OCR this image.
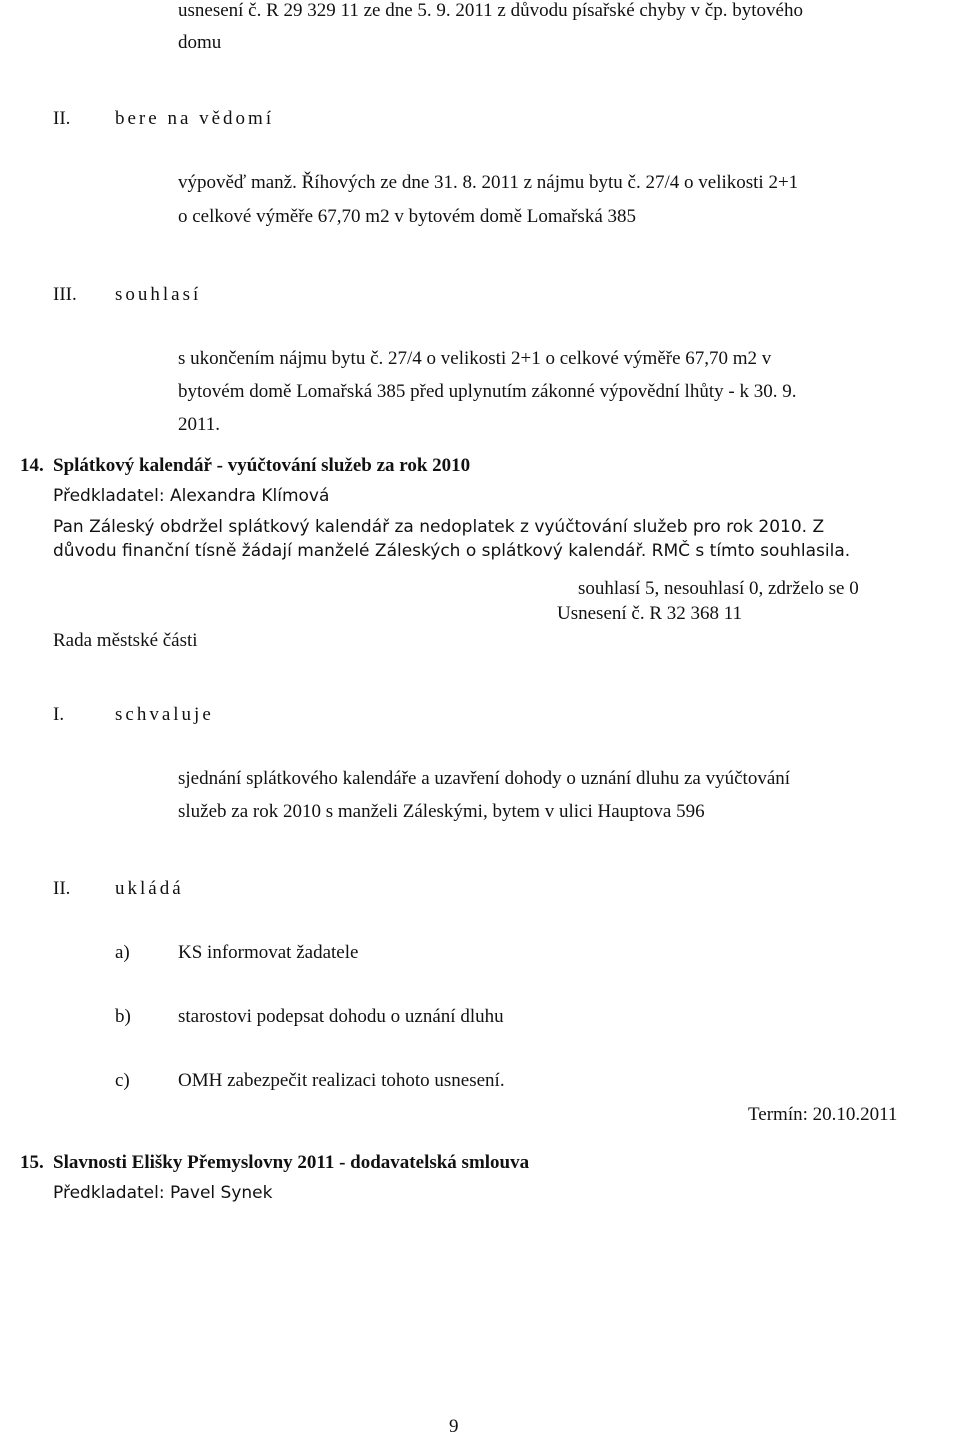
usnesení č. R 29 329 11 ze dne 5. 9. 2011 z důvodu písařské chyby v čp. bytového
domu
II. bere na vědomí
výpověď manž. Říhových ze dne 31. 8. 2011 z nájmu bytu č. 27/4 o velikosti 2+1
o celkové výměře 67,70 m2 v bytovém domě Lomařská 385
III. souhlasí
s ukončením nájmu bytu č. 27/4 o velikosti 2+1 o celkové výměře 67,70 m2 v
bytovém domě Lomařská 385 před uplynutím zákonné výpovědní lhůty - k 30. 9.
2011.
14. Splátkový kalendář - vyúčtování služeb za rok 2010
Předkladatel: Alexandra Klímová
Pan Záleský obdržel splátkový kalendář za nedoplatek z vyúčtování služeb pro rok 2010. Z
důvodu finanční tísně žádají manželé Záleských o splátkový kalendář. RMČ s tímto souhlasila.
souhlasí 5, nesouhlasí 0, zdrželo se 0
Usnesení č. R 32 368 11
Rada městské části
I.	schvaluje
sjednání splátkového kalendáře a uzavření dohody o uznání dluhu za vyúčtování
služeb za rok 2010 s manželi Záleskými, bytem v ulici Hauptova 596
II. ukládá
a)	KS informovat žadatele
b) starostovi podepsat dohodu o uznání dluhu
c)	OMH zabezpečit realizaci tohoto usnesení.
Termín: 20.10.2011
15. Slavnosti Elišky Přemyslovny 2011 - dodavatelská smlouva
Předkladatel: Pavel Synek
9
